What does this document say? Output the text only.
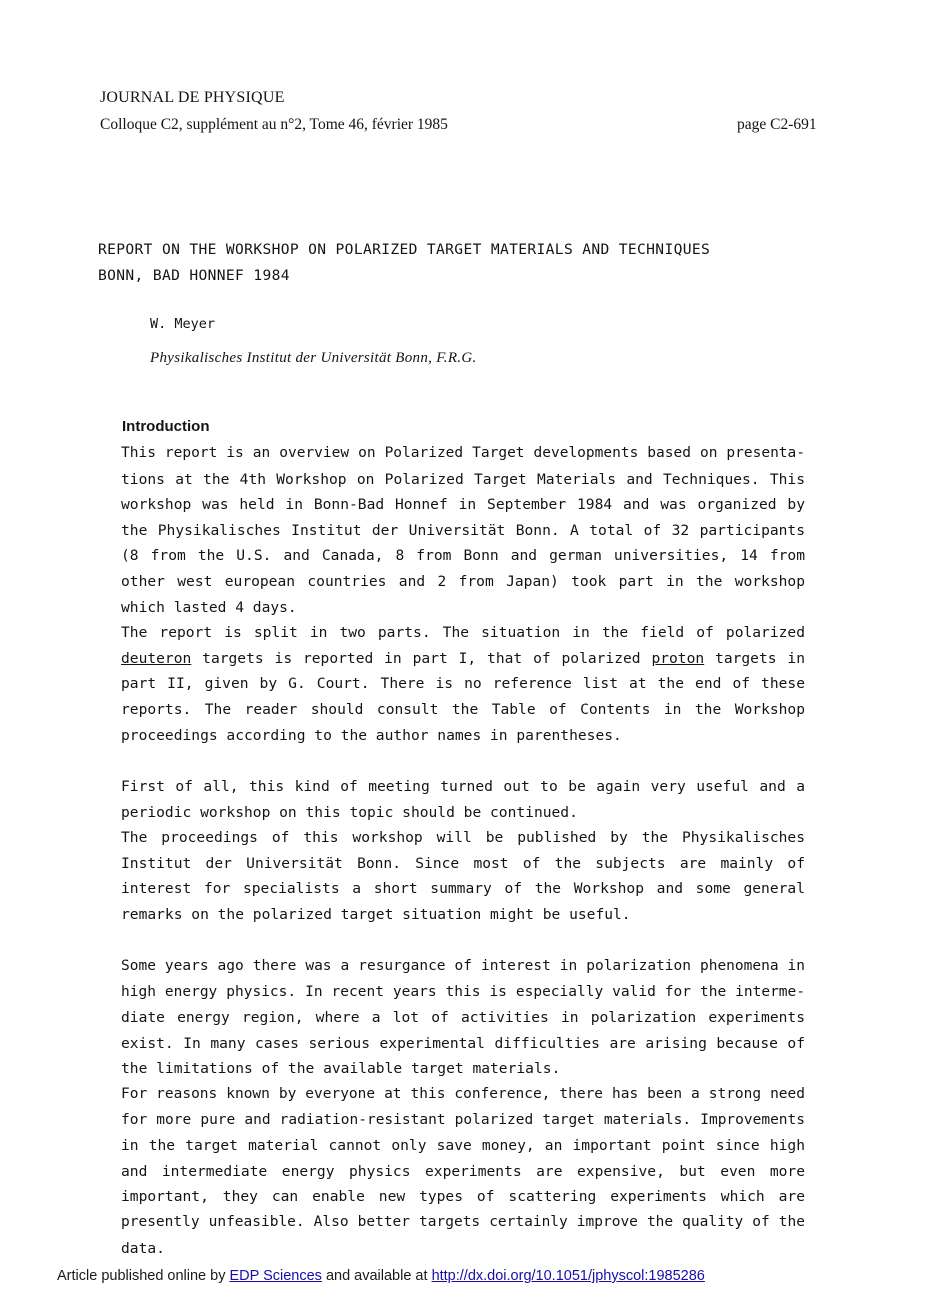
JOURNAL DE PHYSIQUE
Colloque C2, supplément au n°2, Tome 46, février 1985	page C2-691
REPORT ON THE WORKSHOP ON POLARIZED TARGET MATERIALS AND TECHNIQUES
BONN, BAD HONNEF 1984
W. Meyer
Physikalisches Institut der Universität Bonn, F.R.G.
Introduction
This report is an overview on Polarized Target developments based on presenta-
tions at the 4th Workshop on Polarized Target Materials and Techniques. This
workshop was held in Bonn-Bad Honnef in September 1984 and was organized by
the Physikalisches Institut der Universität Bonn. A total of 32 participants
(8 from the U.S. and Canada, 8 from Bonn and german universities, 14 from
other west european countries and 2 from Japan) took part in the workshop
which lasted 4 days.
The report is split in two parts. The situation in the field of polarized
deuteron targets is reported in part I, that of polarized proton targets in
part II, given by G. Court. There is no reference list at the end of these
reports. The reader should consult the Table of Contents in the Workshop
proceedings according to the author names in parentheses.
First of all, this kind of meeting turned out to be again very useful and a
periodic workshop on this topic should be continued.
The proceedings of this workshop will be published by the Physikalisches
Institut der Universität Bonn. Since most of the subjects are mainly of
interest for specialists a short summary of the Workshop and some general
remarks on the polarized target situation might be useful.
Some years ago there was a resurgance of interest in polarization phenomena in
high energy physics. In recent years this is especially valid for the interme-
diate energy region, where a lot of activities in polarization experiments
exist. In many cases serious experimental difficulties are arising because of
the limitations of the available target materials.
For reasons known by everyone at this conference, there has been a strong need
for more pure and radiation-resistant polarized target materials. Improvements
in the target material cannot only save money, an important point since high
and intermediate energy physics experiments are expensive, but even more
important, they can enable new types of scattering experiments which are
presently unfeasible. Also better targets certainly improve the quality of the
data.
Article published online by EDP Sciences and available at http://dx.doi.org/10.1051/jphyscol:1985286
